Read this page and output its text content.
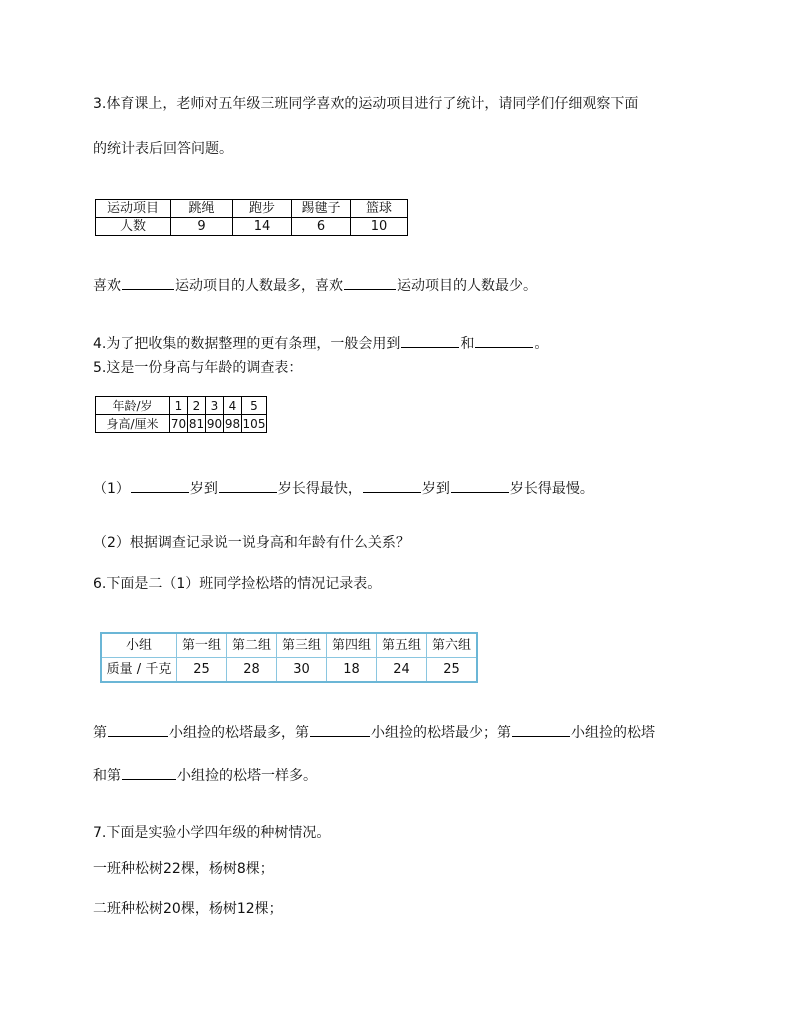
3.体育课上，老师对五年级三班同学喜欢的运动项目进行了统计，请同学们仔细观察下面
的统计表后回答问题。
运动项目	跳绳	跑步	踢毽子	篮球
人数	9	14	6	10
喜欢	运动项目的人数最多，喜欢	运动项目的人数最少。
4.为了把收集的数据整理的更有条理，一般会用到	和	。
5.这是一份身高与年龄的调查表：
年龄/岁	1	2	3	4	5
身高/厘米	70	81	90	98	105
（1）	岁到	岁长得最快，	岁到	岁长得最慢。
（2）根据调查记录说一说身高和年龄有什么关系？
6.下面是二（1）班同学捡松塔的情况记录表。
小组	第一组	第二组	第三组	第四组	第五组	第六组
质量 / 千克	25	28	30	18	24	25
第	小组捡的松塔最多，第	小组捡的松塔最少；第	小组捡的松塔
和第	小组捡的松塔一样多。
7.下面是实验小学四年级的种树情况。
一班种松树22棵，杨树8棵；
二班种松树20棵，杨树12棵；
